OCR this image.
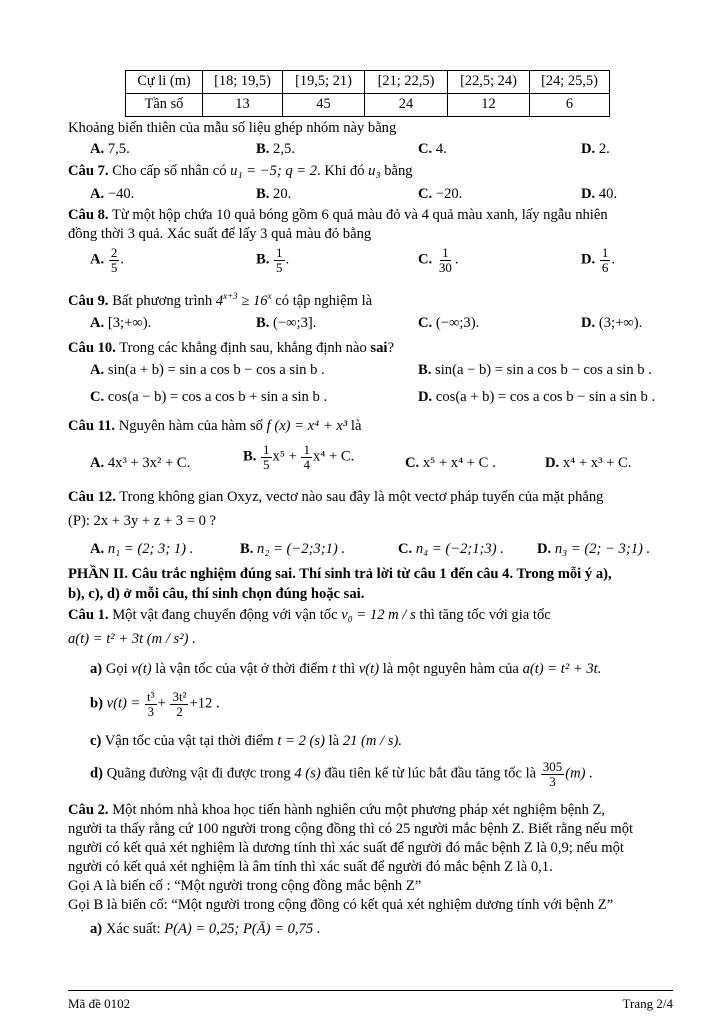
Cự li (m)	[18; 19,5)	[19,5; 21)	[21; 22,5)	[22,5; 24)	[24; 25,5)
Tần số	13	45	24	12	6
Khoảng biến thiên của mẫu số liệu ghép nhóm này bằng
A. 7,5.	B. 2,5.	C. 4.	D. 2.
Câu 7. Cho cấp số nhân có u₁ = −5; q = 2. Khi đó u₃ bằng
A. −40.	B. 20.	C. −20.	D. 40.
Câu 8. Từ một hộp chứa 10 quả bóng gồm 6 quả màu đỏ và 4 quả màu xanh, lấy ngẫu nhiên
đồng thời 3 quả. Xác suất để lấy 3 quả màu đỏ bằng
A. $\frac{2}{5}$ .	B. $\frac{1}{5}$ .	C. $\frac{1}{30}$ .	D. $\frac{1}{6}$ .
Câu 9. Bất phương trình $4^{x+3} \ge 16^x$ có tập nghiệm là
A. [3;+∞).	B. (−∞;3].	C. (−∞;3).	D. (3;+∞).
Câu 10. Trong các khẳng định sau, khẳng định nào sai?
A. sin(a + b) = sin a cos b − cos a sin b .	B. sin(a − b) = sin a cos b − cos a sin b .
C. cos(a − b) = cos a cos b + sin a sin b .	D. cos(a + b) = cos a cos b − sin a sin b .
Câu 11. Nguyên hàm của hàm số f (x) = x⁴ + x³ là
A. 4x³ + 3x² + C.	B. $\frac{1}{5} x^5 + \frac{1}{4} x^4 + C$.	C. x⁵ + x⁴ + C .	D. x⁴ + x³ + C.
Câu 12. Trong không gian Oxyz, vectơ nào sau đây là một vectơ pháp tuyến của mặt phẳng
(P): 2x + 3y + z + 3 = 0 ?
A. n₁ = (2; 3; 1) .	B. n₂ = (−2;3;1) .	C. n₄ = (−2;1;3) . D. n₃ = (2; − 3;1) .
PHẦN II. Câu trắc nghiệm đúng sai. Thí sinh trả lời từ câu 1 đến câu 4. Trong mỗi ý a),
b), c), d) ở mỗi câu, thí sinh chọn đúng hoặc sai.
Câu 1. Một vật đang chuyển động với vận tốc v₀ = 12 m / s thì tăng tốc với gia tốc
a(t) = t² + 3t (m / s²) .
a) Gọi v(t) là vận tốc của vật ở thời điểm t thì v(t) là một nguyên hàm của a(t) = t² + 3t.
b) $v(t) = \frac{\text{t³}}{3} + \frac{\text{3t²}}{2} +12$ .
c) Vận tốc của vật tại thời điểm t = 2 (s) là 21 (m / s).
d) Quãng đường vật đi được trong 4 (s) đầu tiên kể từ lúc bắt đầu tăng tốc là $\frac{305}{3} (m)$ .
Câu 2. Một nhóm nhà khoa học tiến hành nghiên cứu một phương pháp xét nghiệm bệnh Z,
người ta thấy rằng cứ 100 người trong cộng đồng thì có 25 người mắc bệnh Z. Biết rằng nếu một
người có kết quả xét nghiệm là dương tính thì xác suất để người đó mắc bệnh Z là 0,9; nếu một
người có kết quả xét nghiệm là âm tính thì xác suất để người đó mắc bệnh Z là 0,1.
Gọi A là biến cố : “Một người trong cộng đồng mắc bệnh Z”
Gọi B là biến cố: “Một người trong cộng đồng có kết quả xét nghiệm dương tính với bệnh Z”
a) Xác suất: P(A) = 0,25; P(Ā) = 0,75 .
Mã đề 0102	Trang 2/4
